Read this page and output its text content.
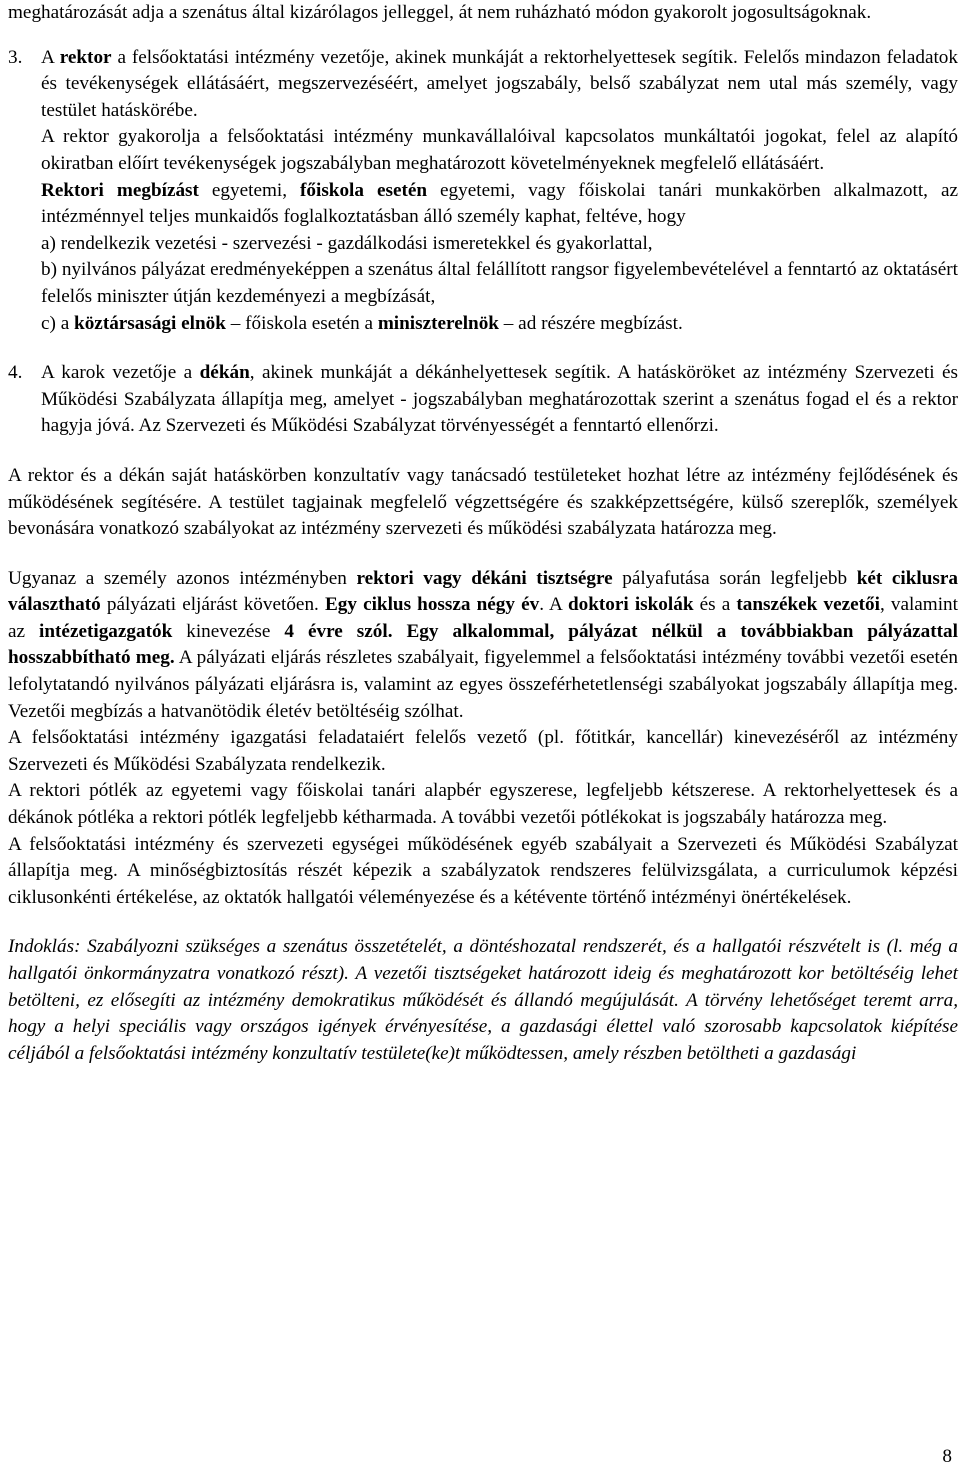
meghatározását adja a szenátus által kizárólagos jelleggel, át nem ruházható módon gyakorolt jogosultságoknak.

3. A rektor a felsőoktatási intézmény vezetője, akinek munkáját a rektorhelyettesek segítik. Felelős mindazon feladatok és tevékenységek ellátásáért, megszervezéséért, amelyet jogszabály, belső szabályzat nem utal más személy, vagy testület hatáskörébe.

A rektor gyakorolja a felsőoktatási intézmény munkavállalóival kapcsolatos munkáltatói jogokat, felel az alapító okiratban előírt tevékenységek jogszabályban meghatározott követelményeknek megfelelő ellátásáért.

Rektori megbízást egyetemi, főiskola esetén egyetemi, vagy főiskolai tanári munkakörben alkalmazott, az intézménnyel teljes munkaidős foglalkoztatásban álló személy kaphat, feltéve, hogy

a) rendelkezik vezetési - szervezési - gazdálkodási ismeretekkel és gyakorlattal,

b) nyilvános pályázat eredményeképpen a szenátus által felállított rangsor figyelembevételével a fenntartó az oktatásért felelős miniszter útján kezdeményezi a megbízását,

c) a köztársasági elnök – főiskola esetén a miniszterelnök – ad részére megbízást.

4. A karok vezetője a dékán, akinek munkáját a dékánhelyettesek segítik. A hatásköröket az intézmény Szervezeti és Működési Szabályzata állapítja meg, amelyet - jogszabályban meghatározottak szerint a szenátus fogad el és a rektor hagyja jóvá. Az Szervezeti és Működési Szabályzat törvényességét a fenntartó ellenőrzi.

A rektor és a dékán saját hatáskörben konzultatív vagy tanácsadó testületeket hozhat létre az intézmény fejlődésének és működésének segítésére. A testület tagjainak megfelelő végzettségére és szakképzettségére, külső szereplők, személyek bevonására vonatkozó szabályokat az intézmény szervezeti és működési szabályzata határozza meg.

Ugyanaz a személy azonos intézményben rektori vagy dékáni tisztségre pályafutása során legfeljebb két ciklusra választható pályázati eljárást követően. Egy ciklus hossza négy év. A doktori iskolák és a tanszékek vezetői, valamint az intézetigazgatók kinevezése 4 évre szól. Egy alkalommal, pályázat nélkül a továbbiakban pályázattal hosszabbítható meg. A pályázati eljárás részletes szabályait, figyelemmel a felsőoktatási intézmény további vezetői esetén lefolytatandó nyilvános pályázati eljárásra is, valamint az egyes összeférhetetlenségi szabályokat jogszabály állapítja meg. Vezetői megbízás a hatvanötödik életév betöltéséig szólhat.

A felsőoktatási intézmény igazgatási feladataiért felelős vezető (pl. főtitkár, kancellár) kinevezéséről az intézmény Szervezeti és Működési Szabályzata rendelkezik.

A rektori pótlék az egyetemi vagy főiskolai tanári alapbér egyszerese, legfeljebb kétszerese. A rektorhelyettesek és a dékánok pótléka a rektori pótlék legfeljebb kétharmada. A további vezetői pótlékokat is jogszabály határozza meg.

A felsőoktatási intézmény és szervezeti egységei működésének egyéb szabályait a Szervezeti és Működési Szabályzat állapítja meg. A minőségbiztosítás részét képezik a szabályzatok rendszeres felülvizsgálata, a curriculumok képzési ciklusonkénti értékelése, az oktatók hallgatói véleményezése és a kétévente történő intézményi önértékelések.

Indoklás: Szabályozni szükséges a szenátus összetételét, a döntéshozatal rendszerét, és a hallgatói részvételt is (l. még a hallgatói önkormányzatra vonatkozó részt). A vezetői tisztségeket határozott ideig és meghatározott kor betöltéséig lehet betölteni, ez elősegíti az intézmény demokratikus működését és állandó megújulását. A törvény lehetőséget teremt arra, hogy a helyi speciális vagy országos igények érvényesítése, a gazdasági élettel való szorosabb kapcsolatok kiépítése céljából a felsőoktatási intézmény konzultatív testülete(ke)t működtessen, amely részben betöltheti a gazdasági

8
